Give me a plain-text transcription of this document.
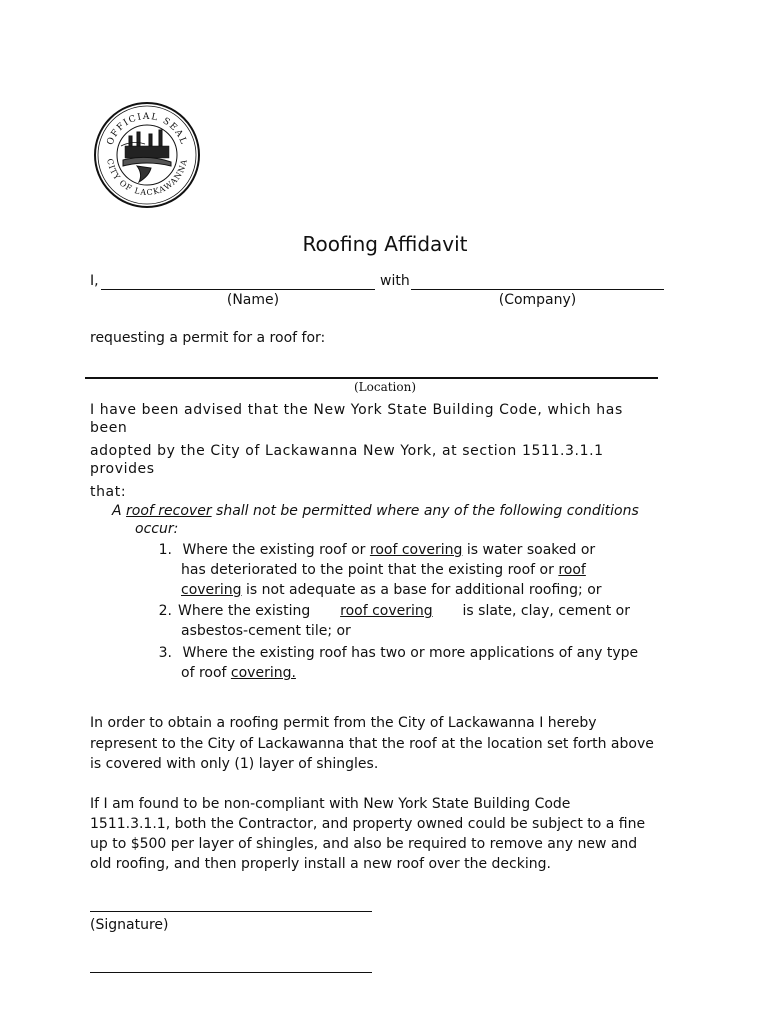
OFFICIAL SEAL
CITY OF LACKAWANNA
Roofing Affidavit
I,	with
(Name)	(Company)
requesting a permit for a roof for:
(Location)
I have been advised that the New York State Building Code, which has
been
adopted by the City of Lackawanna New York, at section 1511.3.1.1
provides
that:
A roof recover shall not be permitted where any of the following conditions
occur:
1. Where the existing roof or roof covering is water soaked or
has deteriorated to the point that the existing roof or roof
covering is not adequate as a base for additional roofing; or
2. Where the existing roof covering is slate, clay, cement or
asbestos-cement tile; or
3. Where the existing roof has two or more applications of any type
of roof covering.
In order to obtain a roofing permit from the City of Lackawanna I hereby
represent to the City of Lackawanna that the roof at the location set forth above
is covered with only (1) layer of shingles.
If I am found to be non-compliant with New York State Building Code
1511.3.1.1, both the Contractor, and property owned could be subject to a fine
up to $500 per layer of shingles, and also be required to remove any new and
old roofing, and then properly install a new roof over the decking.
(Signature)
